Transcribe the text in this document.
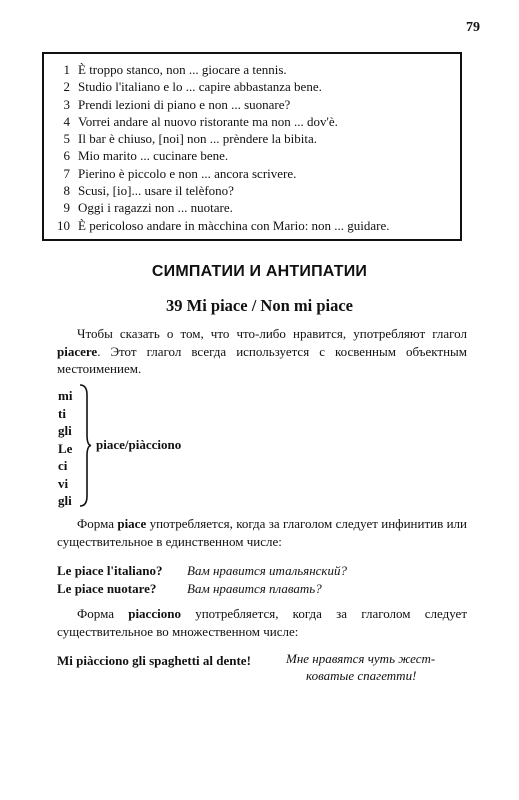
79
1 È troppo stanco, non ... giocare a tennis.
2 Studio l'italiano e lo ... capire abbastanza bene.
3 Prendi lezioni di piano e non ... suonare?
4 Vorrei andare al nuovo ristorante ma non ... dov'è.
5 Il bar è chiuso, [noi] non ... prèndere la bibita.
6 Mio marito ... cucinare bene.
7 Pierino è piccolo e non ... ancora scrivere.
8 Scusi, [io]... usare il telèfono?
9 Oggi i ragazzi non ... nuotare.
10 È pericoloso andare in màcchina con Mario: non ... guidare.
СИМПАТИИ И АНТИПАТИИ
39 Mi piace / Non mi piace
Чтобы сказать о том, что что-либо нравится, употребляют глагол piacere. Этот глагол всегда используется с косвенным объектным местоимением.
mi
ti
gli
Le
ci
vi
gli
piace/piàcciono
Форма piace употребляется, когда за глаголом следует инфинитив или существительное в единственном числе:
Le piace l'italiano? Вам нравится итальянский?
Le piace nuotare? Вам нравится плавать?
Форма piacciono употребляется, когда за глаголом следует существительное во множественном числе:
Mi piàcciono gli spaghetti al dente!	Мне нравятся чуть жест-
коватые спагетти!
